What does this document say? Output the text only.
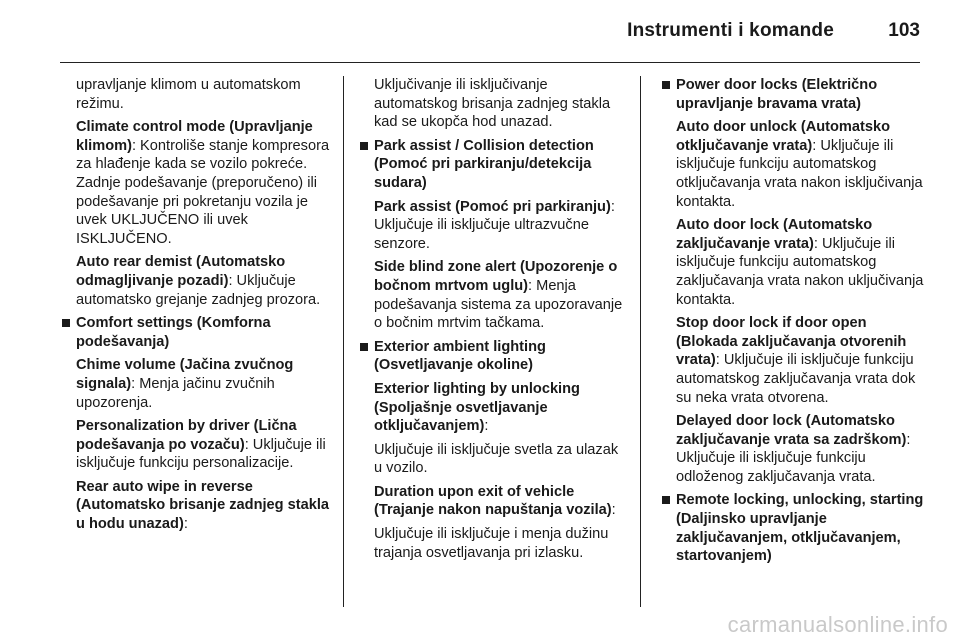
Instrumenti i komande	103

upravljanje klimom u automatskom režimu.

Climate control mode (Upravljanje klimom): Kontroliše stanje kompresora za hlađenje kada se vozilo pokreće. Zadnje podešavanje (preporučeno) ili podešavanje pri pokretanju vozila je uvek UKLJUČENO ili uvek ISKLJUČENO.

Auto rear demist (Automatsko odmagljivanje pozadi): Uključuje automatsko grejanje zadnjeg prozora.

Comfort settings (Komforna podešavanja)

Chime volume (Jačina zvučnog signala): Menja jačinu zvučnih upozorenja.

Personalization by driver (Lična podešavanja po vozaču): Uključuje ili isključuje funkciju personalizacije.

Rear auto wipe in reverse (Automatsko brisanje zadnjeg stakla u hodu unazad):

Uključivanje ili isključivanje automatskog brisanja zadnjeg stakla kad se ukopča hod unazad.

Park assist / Collision detection (Pomoć pri parkiranju/detekcija sudara)

Park assist (Pomoć pri parkiranju): Uključuje ili isključuje ultrazvučne senzore.

Side blind zone alert (Upozorenje o bočnom mrtvom uglu): Menja podešavanja sistema za upozoravanje o bočnim mrtvim tačkama.

Exterior ambient lighting (Osvetljavanje okoline)

Exterior lighting by unlocking (Spoljašnje osvetljavanje otključavanjem):

Uključuje ili isključuje svetla za ulazak u vozilo.

Duration upon exit of vehicle (Trajanje nakon napuštanja vozila):

Uključuje ili isključuje i menja dužinu trajanja osvetljavanja pri izlasku.

Power door locks (Električno upravljanje bravama vrata)

Auto door unlock (Automatsko otključavanje vrata): Uključuje ili isključuje funkciju automatskog otključavanja vrata nakon isključivanja kontakta.

Auto door lock (Automatsko zaključavanje vrata): Uključuje ili isključuje funkciju automatskog zaključavanja vrata nakon uključivanja kontakta.

Stop door lock if door open (Blokada zaključavanja otvorenih vrata): Uključuje ili isključuje funkciju automatskog zaključavanja vrata dok su neka vrata otvorena.

Delayed door lock (Automatsko zaključavanje vrata sa zadrškom): Uključuje ili isključuje funkciju odloženog zaključavanja vrata.

Remote locking, unlocking, starting (Daljinsko upravljanje zaključavanjem, otključavanjem, startovanjem)
carmanualsonline.info
